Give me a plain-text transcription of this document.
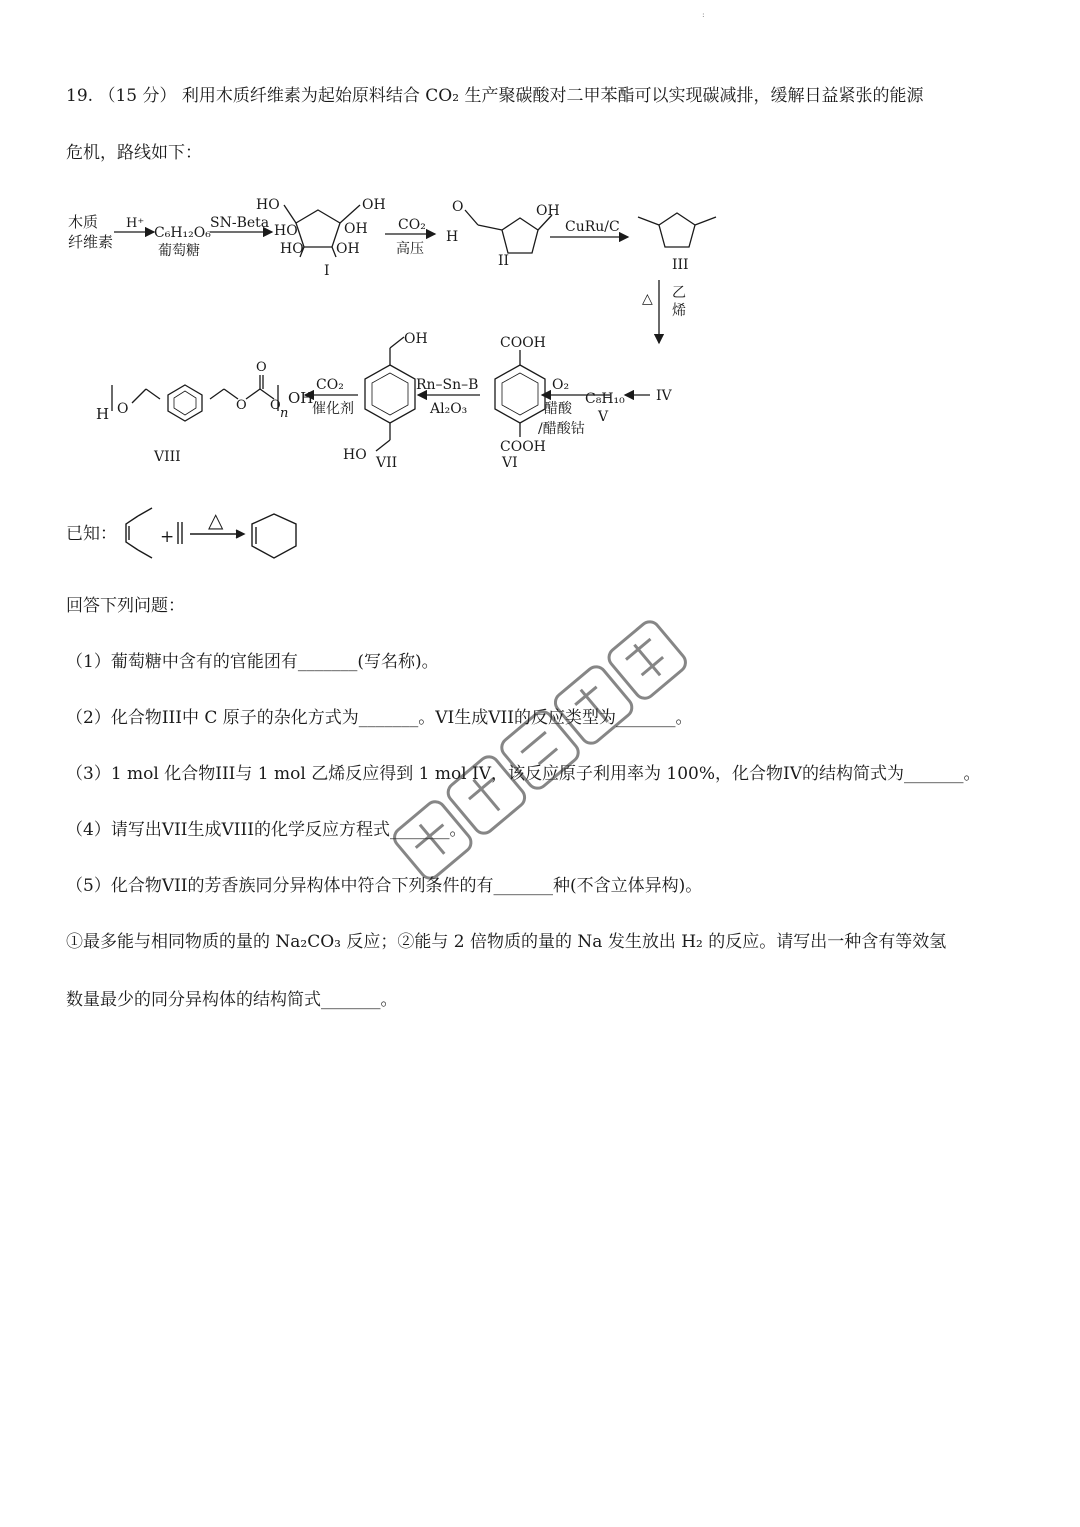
:
19. （15 分） 利用木质纤维素为起始原料结合 CO₂ 生产聚碳酸对二甲苯酯可以实现碳减排，缓解日益紧张的能源
危机，路线如下：
木质
纤维素
H⁺
C₆H₁₂O₆
葡萄糖
SN-Beta
HO
HO
HO
OH
OH
OH
I
CO₂
高压
O
H
OH
II
CuRu/C
III
△ 乙
烯
IV
C₈H₁₀
V
O₂
醋酸
/醋酸钴
COOH
COOH
VI
Rn–Sn–B
Al₂O₃
OH
HO VII
CO₂
催化剂
H O
O
O O
n
OH
VIII
已知：	+
△
回答下列问题：
（1）葡萄糖中含有的官能团有_______(写名称)。
（2）化合物III中 C 原子的杂化方式为_______。VI生成VII的反应类型为_______。
（3）1 mol 化合物III与 1 mol 乙烯反应得到 1 mol IV，该反应原子利用率为 100%，化合物IV的结构简式为_______。
（4）请写出VII生成VIII的化学反应方程式_______。
（5）化合物VII的芳香族同分异构体中符合下列条件的有_______种(不含立体异构)。
①最多能与相同物质的量的 Na₂CO₃ 反应；②能与 2 倍物质的量的 Na 发生放出 H₂ 的反应。请写出一种含有等效氢
数量最少的同分异构体的结构简式_______。
